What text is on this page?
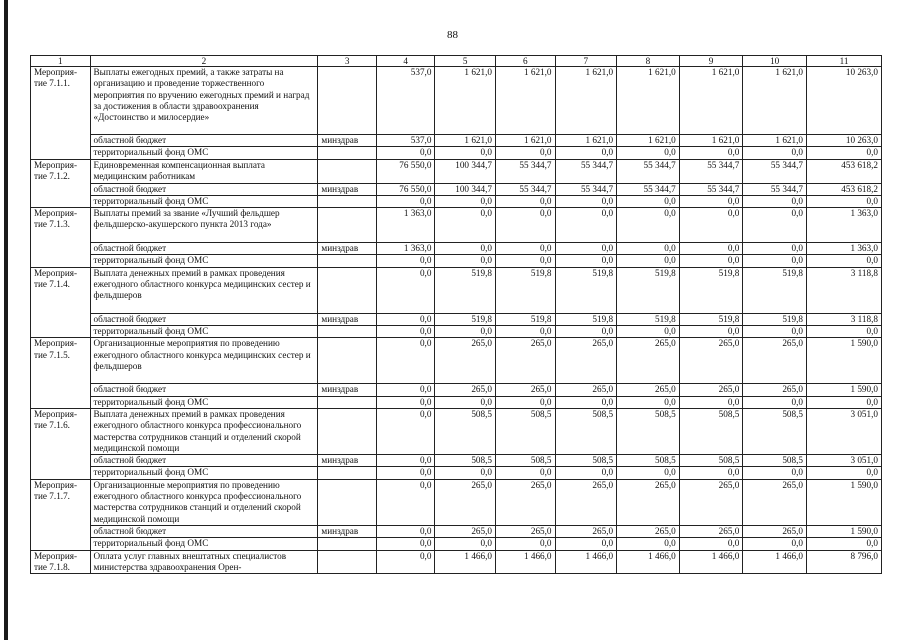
88
1	2	3	4	5	6	7	8	9	10	11
Мероприя-тие 7.1.1.	Выплаты ежегодных премий, а также затраты на организацию и проведение торжественного мероприятия по вручению ежегодных премий и наград за достижения в области здравоохранения «Достоинство и милосердие»		537,0	1 621,0	1 621,0	1 621,0	1 621,0	1 621,0	1 621,0	10 263,0
	областной бюджет	минздрав	537,0	1 621,0	1 621,0	1 621,0	1 621,0	1 621,0	1 621,0	10 263,0
	территориальный фонд ОМС		0,0	0,0	0,0	0,0	0,0	0,0	0,0	0,0
Мероприя-тие 7.1.2.	Единовременная компенсационная выплата медицинским работникам		76 550,0	100 344,7	55 344,7	55 344,7	55 344,7	55 344,7	55 344,7	453 618,2
	областной бюджет	минздрав	76 550,0	100 344,7	55 344,7	55 344,7	55 344,7	55 344,7	55 344,7	453 618,2
	территориальный фонд ОМС		0,0	0,0	0,0	0,0	0,0	0,0	0,0	0,0
Мероприя-тие 7.1.3.	Выплаты премий за звание «Лучший фельдшер фельдшерско-акушерского пункта 2013 года»		1 363,0	0,0	0,0	0,0	0,0	0,0	0,0	1 363,0
	областной бюджет	минздрав	1 363,0	0,0	0,0	0,0	0,0	0,0	0,0	1 363,0
	территориальный фонд ОМС		0,0	0,0	0,0	0,0	0,0	0,0	0,0	0,0
Мероприя-тие 7.1.4.	Выплата денежных премий в рамках проведения ежегодного областного конкурса медицинских сестер и фельдшеров		0,0	519,8	519,8	519,8	519,8	519,8	519,8	3 118,8
	областной бюджет	минздрав	0,0	519,8	519,8	519,8	519,8	519,8	519,8	3 118,8
	территориальный фонд ОМС		0,0	0,0	0,0	0,0	0,0	0,0	0,0	0,0
Мероприя-тие 7.1.5.	Организационные мероприятия по проведению ежегодного областного конкурса медицинских сестер и фельдшеров		0,0	265,0	265,0	265,0	265,0	265,0	265,0	1 590,0
	областной бюджет	минздрав	0,0	265,0	265,0	265,0	265,0	265,0	265,0	1 590,0
	территориальный фонд ОМС		0,0	0,0	0,0	0,0	0,0	0,0	0,0	0,0
Мероприя-тие 7.1.6.	Выплата денежных премий в рамках проведения ежегодного областного конкурса профессионального мастерства сотрудников станций и отделений скорой медицинской помощи		0,0	508,5	508,5	508,5	508,5	508,5	508,5	3 051,0
	областной бюджет	минздрав	0,0	508,5	508,5	508,5	508,5	508,5	508,5	3 051,0
	территориальный фонд ОМС		0,0	0,0	0,0	0,0	0,0	0,0	0,0	0,0
Мероприя-тие 7.1.7.	Организационные мероприятия по проведению ежегодного областного конкурса профессионального мастерства сотрудников станций и отделений скорой медицинской помощи		0,0	265,0	265,0	265,0	265,0	265,0	265,0	1 590,0
	областной бюджет	минздрав	0,0	265,0	265,0	265,0	265,0	265,0	265,0	1 590,0
	территориальный фонд ОМС		0,0	0,0	0,0	0,0	0,0	0,0	0,0	0,0
Мероприя-тие 7.1.8.	Оплата услуг главных внештатных специалистов министерства здравоохранения Орен-		0,0	1 466,0	1 466,0	1 466,0	1 466,0	1 466,0	1 466,0	8 796,0
